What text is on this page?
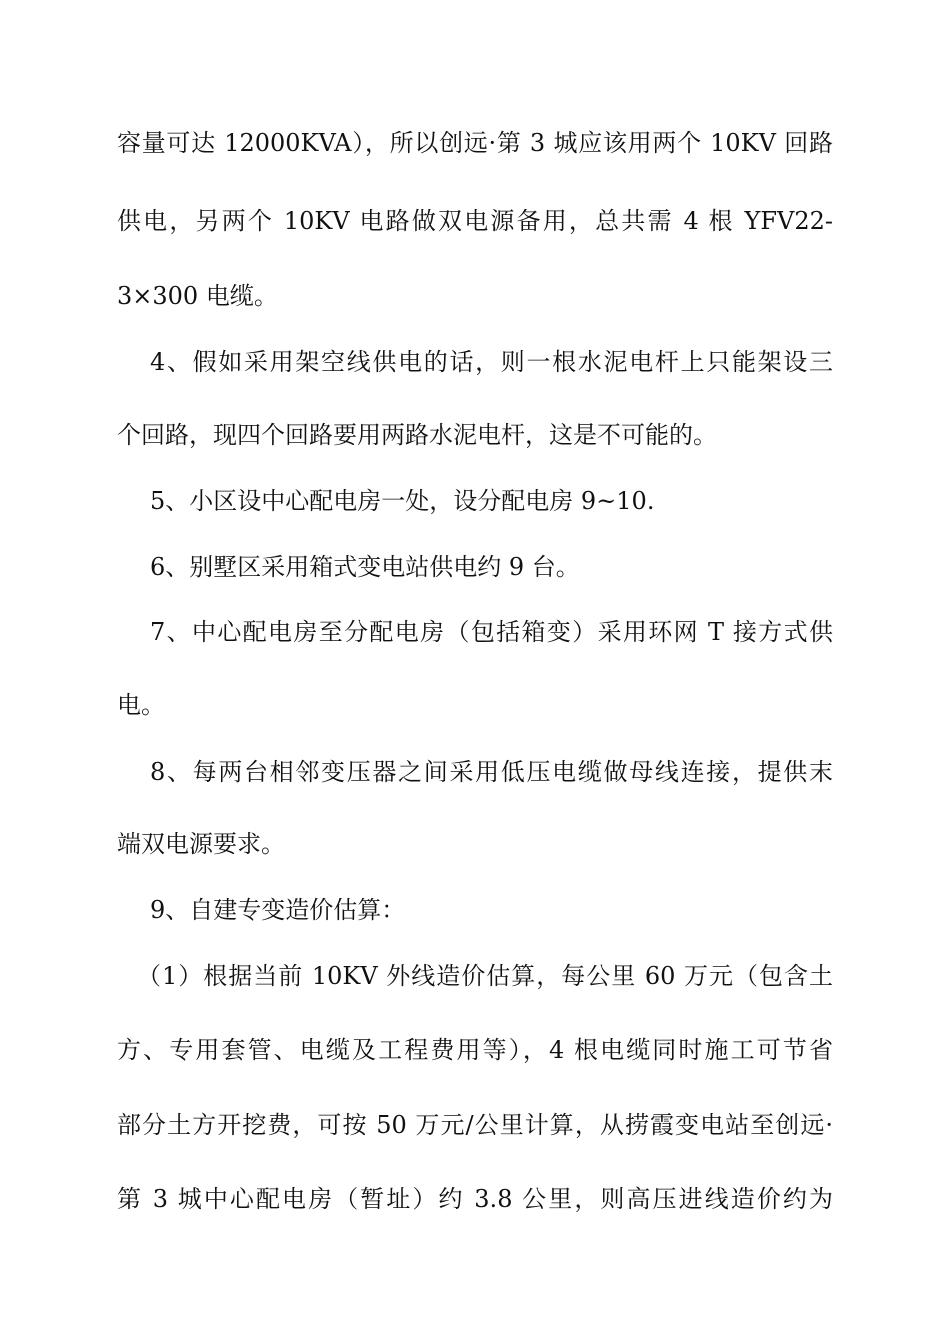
容量可达 12000KVA），所以创远·第 3 城应该用两个 10KV 回路
供电，另两个 10KV 电路做双电源备用，总共需 4 根 YFV22-
3×300 电缆。
4、假如采用架空线供电的话，则一根水泥电杆上只能架设三
个回路，现四个回路要用两路水泥电杆，这是不可能的。
5、小区设中心配电房一处，设分配电房 9~10.
6、别墅区采用箱式变电站供电约 9 台。
7、中心配电房至分配电房（包括箱变）采用环网 T 接方式供
电。
8、每两台相邻变压器之间采用低压电缆做母线连接，提供末
端双电源要求。
9、自建专变造价估算：
（1）根据当前 10KV 外线造价估算，每公里 60 万元（包含土
方、专用套管、电缆及工程费用等），4 根电缆同时施工可节省
部分土方开挖费，可按 50 万元/公里计算，从捞霞变电站至创远·
第 3 城中心配电房（暂址）约 3.8 公里，则高压进线造价约为
